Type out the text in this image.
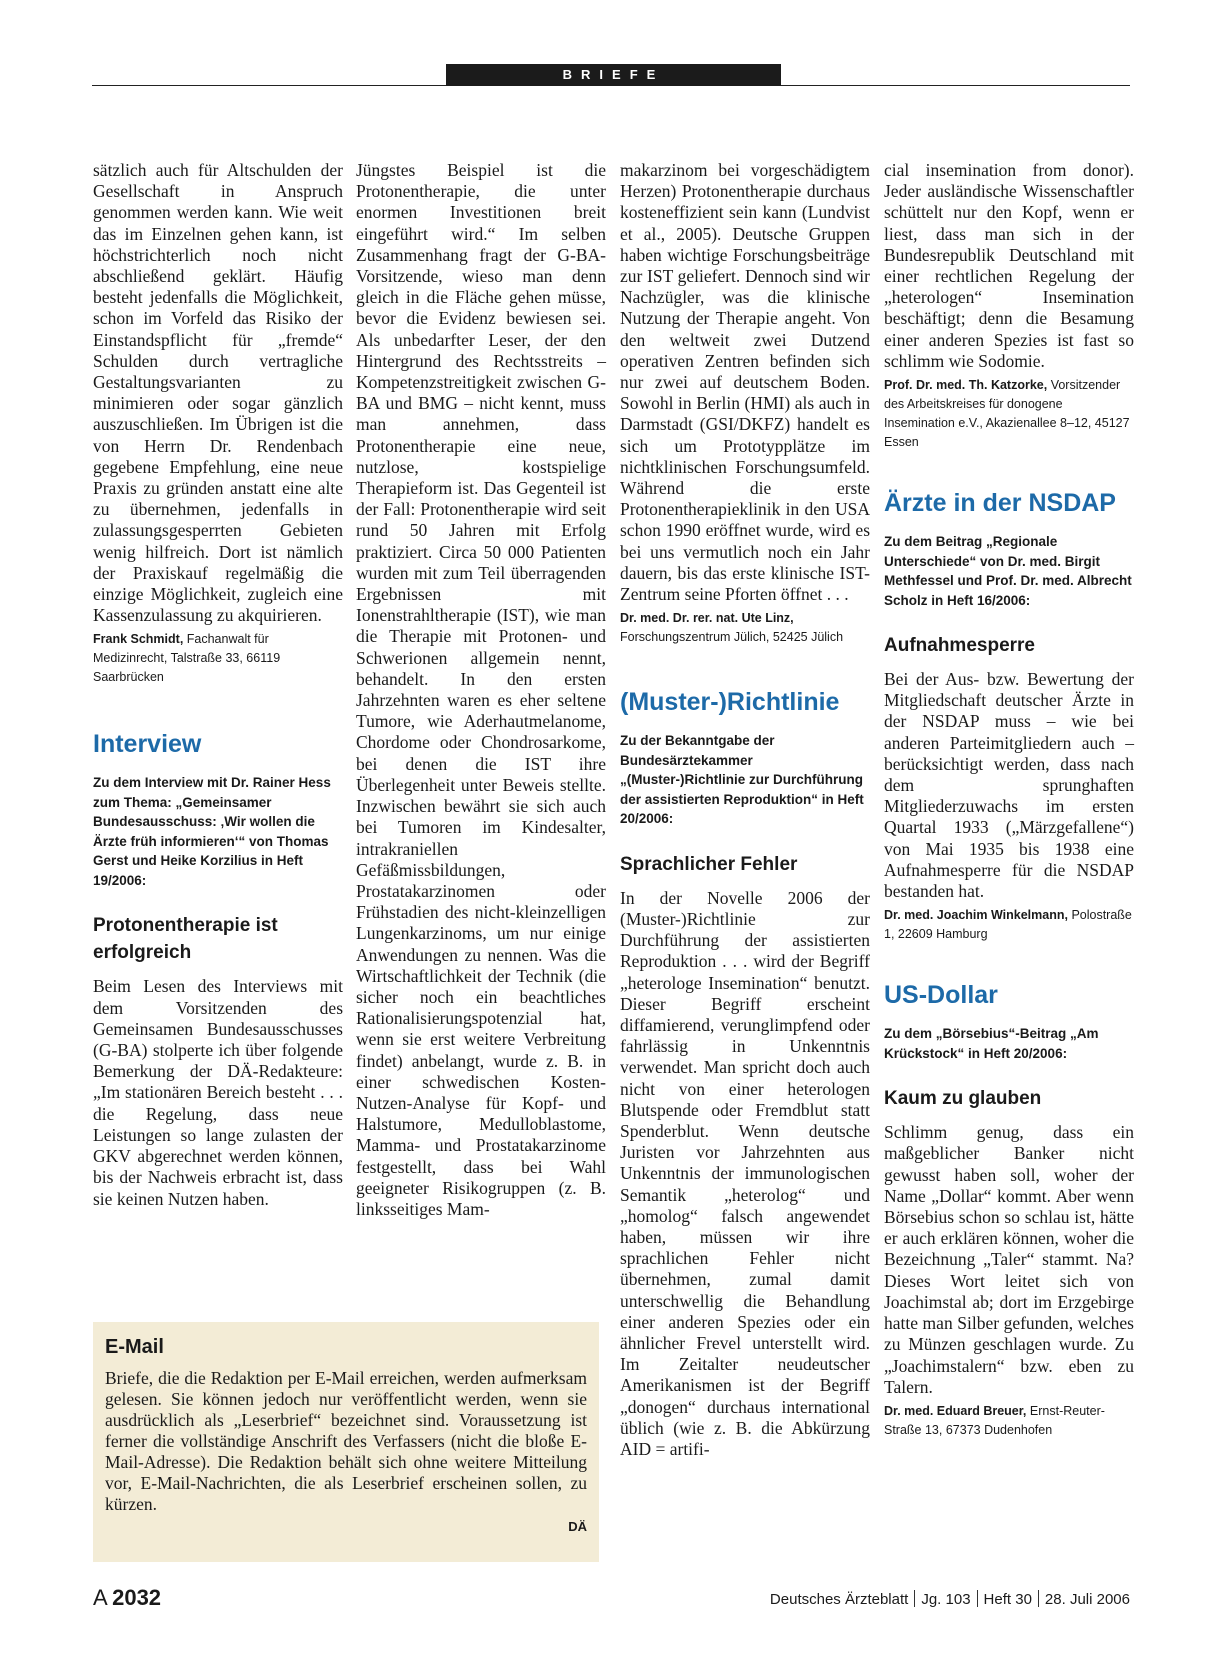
BRIEFE

sätzlich auch für Altschulden der Gesellschaft in Anspruch genommen werden kann. Wie weit das im Einzelnen gehen kann, ist höchstrichterlich noch nicht abschließend geklärt. Häufig besteht jedenfalls die Möglichkeit, schon im Vorfeld das Risiko der Einstandspflicht für „fremde“ Schulden durch vertragliche Gestaltungsvarianten zu minimieren oder sogar gänzlich auszuschließen. Im Übrigen ist die von Herrn Dr. Rendenbach gegebene Empfehlung, eine neue Praxis zu gründen anstatt eine alte zu übernehmen, jedenfalls in zulassungsgesperrten Gebieten wenig hilfreich. Dort ist nämlich der Praxiskauf regelmäßig die einzige Möglichkeit, zugleich eine Kassenzulassung zu akquirieren.

Frank Schmidt, Fachanwalt für Medizinrecht, Talstraße 33, 66119 Saarbrücken

Interview

Zu dem Interview mit Dr. Rainer Hess zum Thema: „Gemeinsamer Bundesausschuss: ‚Wir wollen die Ärzte früh informieren‘“ von Thomas Gerst und Heike Korzilius in Heft 19/2006:

Protonentherapie ist erfolgreich

Beim Lesen des Interviews mit dem Vorsitzenden des Gemeinsamen Bundesausschusses (G-BA) stolperte ich über folgende Bemerkung der DÄ-Redakteure: „Im stationären Bereich besteht . . . die Regelung, dass neue Leistungen so lange zulasten der GKV abgerechnet werden können, bis der Nachweis erbracht ist, dass sie keinen Nutzen haben.

Jüngstes Beispiel ist die Protonentherapie, die unter enormen Investitionen breit eingeführt wird.“ Im selben Zusammenhang fragt der G-BA-Vorsitzende, wieso man denn gleich in die Fläche gehen müsse, bevor die Evidenz bewiesen sei. Als unbedarfter Leser, der den Hintergrund des Rechtsstreits – Kompetenzstreitigkeit zwischen G-BA und BMG – nicht kennt, muss man annehmen, dass Protonentherapie eine neue, nutzlose, kostspielige Therapieform ist. Das Gegenteil ist der Fall: Protonentherapie wird seit rund 50 Jahren mit Erfolg praktiziert. Circa 50 000 Patienten wurden mit zum Teil überragenden Ergebnissen mit Ionenstrahltherapie (IST), wie man die Therapie mit Protonen- und Schwerionen allgemein nennt, behandelt. In den ersten Jahrzehnten waren es eher seltene Tumore, wie Aderhautmelanome, Chordome oder Chondrosarkome, bei denen die IST ihre Überlegenheit unter Beweis stellte. Inzwischen bewährt sie sich auch bei Tumoren im Kindesalter, intrakraniellen Gefäßmissbildungen, Prostatakarzinomen oder Frühstadien des nicht-kleinzelligen Lungenkarzinoms, um nur einige Anwendungen zu nennen. Was die Wirtschaftlichkeit der Technik (die sicher noch ein beachtliches Rationalisierungspotenzial hat, wenn sie erst weitere Verbreitung findet) anbelangt, wurde z. B. in einer schwedischen Kosten-Nutzen-Analyse für Kopf- und Halstumore, Medulloblastome, Mamma- und Prostatakarzinome festgestellt, dass bei Wahl geeigneter Risikogruppen (z. B. linksseitiges Mam-

makarzinom bei vorgeschädigtem Herzen) Protonentherapie durchaus kosteneffizient sein kann (Lundvist et al., 2005). Deutsche Gruppen haben wichtige Forschungsbeiträge zur IST geliefert. Dennoch sind wir Nachzügler, was die klinische Nutzung der Therapie angeht. Von den weltweit zwei Dutzend operativen Zentren befinden sich nur zwei auf deutschem Boden. Sowohl in Berlin (HMI) als auch in Darmstadt (GSI/DKFZ) handelt es sich um Prototypplätze im nichtklinischen Forschungsumfeld. Während die erste Protonentherapieklinik in den USA schon 1990 eröffnet wurde, wird es bei uns vermutlich noch ein Jahr dauern, bis das erste klinische IST-Zentrum seine Pforten öffnet . . .

Dr. med. Dr. rer. nat. Ute Linz, Forschungszentrum Jülich, 52425 Jülich

(Muster-)Richtlinie

Zu der Bekanntgabe der Bundesärztekammer „(Muster-)Richtlinie zur Durchführung der assistierten Reproduktion“ in Heft 20/2006:

Sprachlicher Fehler

In der Novelle 2006 der (Muster-)Richtlinie zur Durchführung der assistierten Reproduktion . . . wird der Begriff „heterologe Insemination“ benutzt. Dieser Begriff erscheint diffamierend, verunglimpfend oder fahrlässig in Unkenntnis verwendet. Man spricht doch auch nicht von einer heterologen Blutspende oder Fremdblut statt Spenderblut. Wenn deutsche Juristen vor Jahrzehnten aus Unkenntnis der immunologischen Semantik „heterolog“ und „homolog“ falsch angewendet haben, müssen wir ihre sprachlichen Fehler nicht übernehmen, zumal damit unterschwellig die Behandlung einer anderen Spezies oder ein ähnlicher Frevel unterstellt wird. Im Zeitalter neudeutscher Amerikanismen ist der Begriff „donogen“ durchaus international üblich (wie z. B. die Abkürzung AID = artifi-

cial insemination from donor). Jeder ausländische Wissenschaftler schüttelt nur den Kopf, wenn er liest, dass man sich in der Bundesrepublik Deutschland mit einer rechtlichen Regelung der „heterologen“ Insemination beschäftigt; denn die Besamung einer anderen Spezies ist fast so schlimm wie Sodomie.

Prof. Dr. med. Th. Katzorke, Vorsitzender des Arbeitskreises für donogene Insemination e.V., Akazienallee 8–12, 45127 Essen

Ärzte in der NSDAP

Zu dem Beitrag „Regionale Unterschiede“ von Dr. med. Birgit Methfessel und Prof. Dr. med. Albrecht Scholz in Heft 16/2006:

Aufnahmesperre

Bei der Aus- bzw. Bewertung der Mitgliedschaft deutscher Ärzte in der NSDAP muss – wie bei anderen Parteimitgliedern auch – berücksichtigt werden, dass nach dem sprunghaften Mitgliederzuwachs im ersten Quartal 1933 („Märzgefallene“) von Mai 1935 bis 1938 eine Aufnahmesperre für die NSDAP bestanden hat.

Dr. med. Joachim Winkelmann, Polostraße 1, 22609 Hamburg

US-Dollar

Zu dem „Börsebius“-Beitrag „Am Krückstock“ in Heft 20/2006:

Kaum zu glauben

Schlimm genug, dass ein maßgeblicher Banker nicht gewusst haben soll, woher der Name „Dollar“ kommt. Aber wenn Börsebius schon so schlau ist, hätte er auch erklären können, woher die Bezeichnung „Taler“ stammt. Na? Dieses Wort leitet sich von Joachimstal ab; dort im Erzgebirge hatte man Silber gefunden, welches zu Münzen geschlagen wurde. Zu „Joachimstalern“ bzw. eben zu Talern.

Dr. med. Eduard Breuer, Ernst-Reuter-Straße 13, 67373 Dudenhofen

E-Mail

Briefe, die die Redaktion per E-Mail erreichen, werden aufmerksam gelesen. Sie können jedoch nur veröffentlicht werden, wenn sie ausdrücklich als „Leserbrief“ bezeichnet sind. Voraussetzung ist ferner die vollständige Anschrift des Verfassers (nicht die bloße E-Mail-Adresse). Die Redaktion behält sich ohne weitere Mitteilung vor, E-Mail-Nachrichten, die als Leserbrief erscheinen sollen, zu kürzen.

DÄ

A  2032	Deutsches Ärzteblatt Jg. 103 Heft 30 28. Juli 2006
